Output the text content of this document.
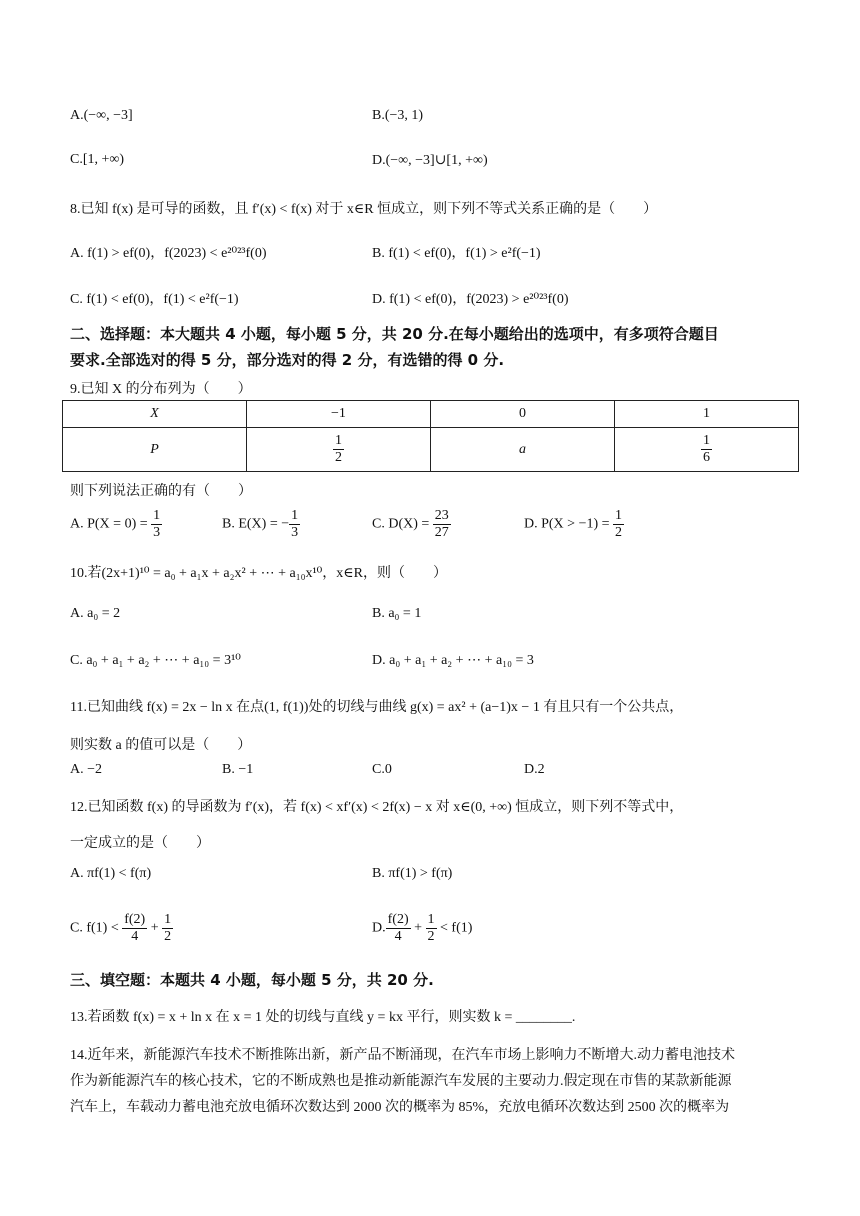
A.(−∞, −3]	B.(−3, 1)
C.[1, +∞)	D.(−∞, −3]∪[1, +∞)
8.已知 f(x) 是可导的函数，且 f′(x) < f(x) 对于 x∈R 恒成立，则下列不等式关系正确的是（　　）
A. f(1) > ef(0)，f(2023) < e²⁰²³f(0)	B. f(1) < ef(0)，f(1) > e²f(−1)
C. f(1) < ef(0)，f(1) < e²f(−1)	D. f(1) < ef(0)，f(2023) > e²⁰²³f(0)
二、选择题：本大题共 4 小题，每小题 5 分，共 20 分.在每小题给出的选项中，有多项符合题目
要求.全部选对的得 5 分，部分选对的得 2 分，有选错的得 0 分.
9.已知 X 的分布列为（　　）
X	−1	0	1
P	$\frac{1}{2}$	a	$\frac{1}{6}$
则下列说法正确的有（　　）
A. $P(X = 0) = \frac{1}{3}$	B. E(X) = − $\frac{1}{3}$	C. $D(X) = \frac{23}{27}$	D. $P(X > -1) = \frac{1}{2}$
10.若(2x+1)¹⁰ = a₀ + a₁x + a₂x² + ⋯ + a₁₀x¹⁰，x∈R，则（　　）
A. a₀ = 2	B. a₀ = 1
C. a₀ + a₁ + a₂ + ⋯ + a₁₀ = 3¹⁰	D. a₀ + a₁ + a₂ + ⋯ + a₁₀ = 3
11.已知曲线 f(x) = 2x − ln x 在点(1, f(1))处的切线与曲线 g(x) = ax² + (a−1)x − 1 有且只有一个公共点，
则实数 a 的值可以是（　　）
A. −2	B. −1	C.0	D.2
12.已知函数 f(x) 的导函数为 f′(x)，若 f(x) < xf′(x) < 2f(x) − x 对 x∈(0, +∞) 恒成立，则下列不等式中，
一定成立的是（　　）
A. πf(1) < f(π)	B. πf(1) > f(π)
C. $f(1) < \frac{f(2)}{4} + \frac{1}{2}$	D. $\frac{f(2)}{4} + \frac{1}{2} < f(1)$
三、填空题：本题共 4 小题，每小题 5 分，共 20 分.
13.若函数 f(x) = x + ln x 在 x = 1 处的切线与直线 y = kx 平行，则实数 k = ________.
14.近年来，新能源汽车技术不断推陈出新，新产品不断涌现，在汽车市场上影响力不断增大.动力蓄电池技术
作为新能源汽车的核心技术，它的不断成熟也是推动新能源汽车发展的主要动力.假定现在市售的某款新能源
汽车上，车载动力蓄电池充放电循环次数达到 2000 次的概率为 85%，充放电循环次数达到 2500 次的概率为
